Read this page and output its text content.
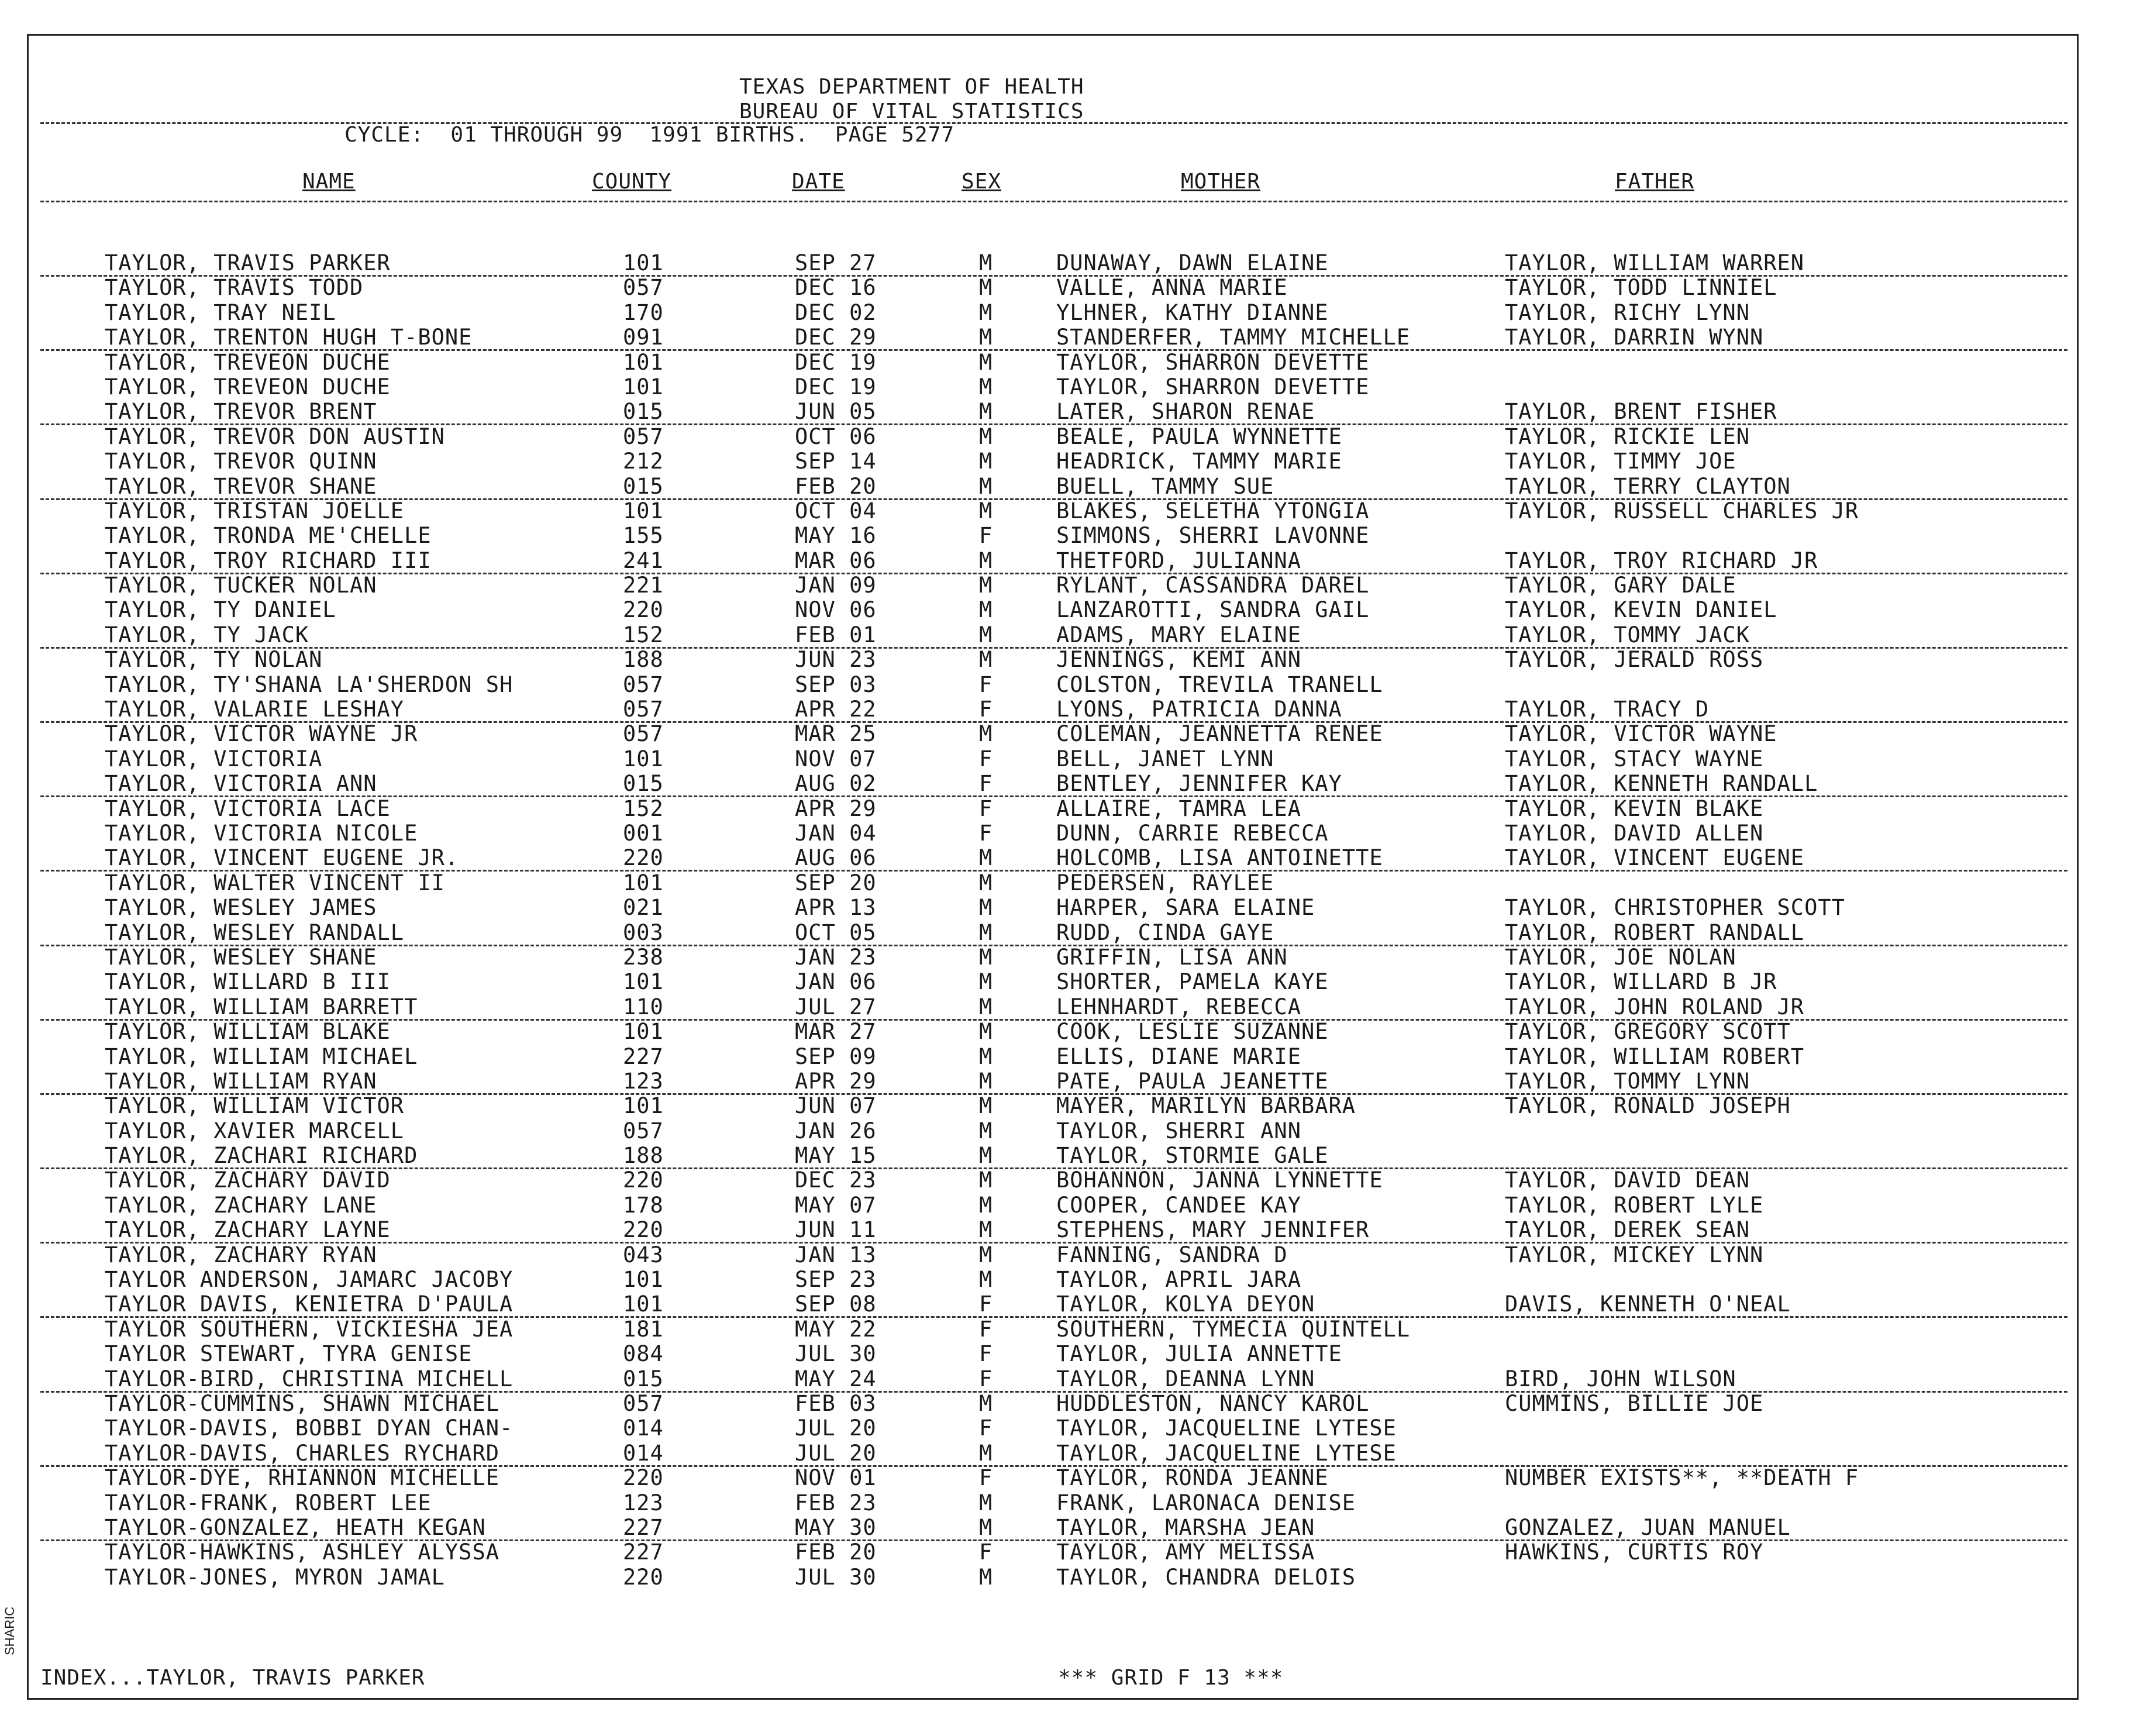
SHARIC
TEXAS DEPARTMENT OF HEALTH
BUREAU OF VITAL STATISTICS
CYCLE:  01 THROUGH 99  1991 BIRTHS.  PAGE 5277
NAME	COUNTY	DATE	SEX	MOTHER	FATHER
TAYLOR, TRAVIS PARKER	101	SEP 27	M	DUNAWAY, DAWN ELAINE	TAYLOR, WILLIAM WARREN
TAYLOR, TRAVIS TODD	057	DEC 16	M	VALLE, ANNA MARIE	TAYLOR, TODD LINNIEL
TAYLOR, TRAY NEIL	170	DEC 02	M	YLHNER, KATHY DIANNE	TAYLOR, RICHY LYNN
TAYLOR, TRENTON HUGH T-BONE	091	DEC 29	M	STANDERFER, TAMMY MICHELLE	TAYLOR, DARRIN WYNN
TAYLOR, TREVEON DUCHE	101	DEC 19	M	TAYLOR, SHARRON DEVETTE
TAYLOR, TREVEON DUCHE	101	DEC 19	M	TAYLOR, SHARRON DEVETTE
TAYLOR, TREVOR BRENT	015	JUN 05	M	LATER, SHARON RENAE	TAYLOR, BRENT FISHER
TAYLOR, TREVOR DON AUSTIN	057	OCT 06	M	BEALE, PAULA WYNNETTE	TAYLOR, RICKIE LEN
TAYLOR, TREVOR QUINN	212	SEP 14	M	HEADRICK, TAMMY MARIE	TAYLOR, TIMMY JOE
TAYLOR, TREVOR SHANE	015	FEB 20	M	BUELL, TAMMY SUE	TAYLOR, TERRY CLAYTON
TAYLOR, TRISTAN JOELLE	101	OCT 04	M	BLAKES, SELETHA YTONGIA	TAYLOR, RUSSELL CHARLES JR
TAYLOR, TRONDA ME'CHELLE	155	MAY 16	F	SIMMONS, SHERRI LAVONNE
TAYLOR, TROY RICHARD III	241	MAR 06	M	THETFORD, JULIANNA	TAYLOR, TROY RICHARD JR
TAYLOR, TUCKER NOLAN	221	JAN 09	M	RYLANT, CASSANDRA DAREL	TAYLOR, GARY DALE
TAYLOR, TY DANIEL	220	NOV 06	M	LANZAROTTI, SANDRA GAIL	TAYLOR, KEVIN DANIEL
TAYLOR, TY JACK	152	FEB 01	M	ADAMS, MARY ELAINE	TAYLOR, TOMMY JACK
TAYLOR, TY NOLAN	188	JUN 23	M	JENNINGS, KEMI ANN	TAYLOR, JERALD ROSS
TAYLOR, TY'SHANA LA'SHERDON SH	057	SEP 03	F	COLSTON, TREVILA TRANELL
TAYLOR, VALARIE LESHAY	057	APR 22	F	LYONS, PATRICIA DANNA	TAYLOR, TRACY D
TAYLOR, VICTOR WAYNE JR	057	MAR 25	M	COLEMAN, JEANNETTA RENEE	TAYLOR, VICTOR WAYNE
TAYLOR, VICTORIA	101	NOV 07	F	BELL, JANET LYNN	TAYLOR, STACY WAYNE
TAYLOR, VICTORIA ANN	015	AUG 02	F	BENTLEY, JENNIFER KAY	TAYLOR, KENNETH RANDALL
TAYLOR, VICTORIA LACE	152	APR 29	F	ALLAIRE, TAMRA LEA	TAYLOR, KEVIN BLAKE
TAYLOR, VICTORIA NICOLE	001	JAN 04	F	DUNN, CARRIE REBECCA	TAYLOR, DAVID ALLEN
TAYLOR, VINCENT EUGENE JR.	220	AUG 06	M	HOLCOMB, LISA ANTOINETTE	TAYLOR, VINCENT EUGENE
TAYLOR, WALTER VINCENT II	101	SEP 20	M	PEDERSEN, RAYLEE
TAYLOR, WESLEY JAMES	021	APR 13	M	HARPER, SARA ELAINE	TAYLOR, CHRISTOPHER SCOTT
TAYLOR, WESLEY RANDALL	003	OCT 05	M	RUDD, CINDA GAYE	TAYLOR, ROBERT RANDALL
TAYLOR, WESLEY SHANE	238	JAN 23	M	GRIFFIN, LISA ANN	TAYLOR, JOE NOLAN
TAYLOR, WILLARD B III	101	JAN 06	M	SHORTER, PAMELA KAYE	TAYLOR, WILLARD B JR
TAYLOR, WILLIAM BARRETT	110	JUL 27	M	LEHNHARDT, REBECCA	TAYLOR, JOHN ROLAND JR
TAYLOR, WILLIAM BLAKE	101	MAR 27	M	COOK, LESLIE SUZANNE	TAYLOR, GREGORY SCOTT
TAYLOR, WILLIAM MICHAEL	227	SEP 09	M	ELLIS, DIANE MARIE	TAYLOR, WILLIAM ROBERT
TAYLOR, WILLIAM RYAN	123	APR 29	M	PATE, PAULA JEANETTE	TAYLOR, TOMMY LYNN
TAYLOR, WILLIAM VICTOR	101	JUN 07	M	MAYER, MARILYN BARBARA	TAYLOR, RONALD JOSEPH
TAYLOR, XAVIER MARCELL	057	JAN 26	M	TAYLOR, SHERRI ANN
TAYLOR, ZACHARI RICHARD	188	MAY 15	M	TAYLOR, STORMIE GALE
TAYLOR, ZACHARY DAVID	220	DEC 23	M	BOHANNON, JANNA LYNNETTE	TAYLOR, DAVID DEAN
TAYLOR, ZACHARY LANE	178	MAY 07	M	COOPER, CANDEE KAY	TAYLOR, ROBERT LYLE
TAYLOR, ZACHARY LAYNE	220	JUN 11	M	STEPHENS, MARY JENNIFER	TAYLOR, DEREK SEAN
TAYLOR, ZACHARY RYAN	043	JAN 13	M	FANNING, SANDRA D	TAYLOR, MICKEY LYNN
TAYLOR ANDERSON, JAMARC JACOBY	101	SEP 23	M	TAYLOR, APRIL JARA
TAYLOR DAVIS, KENIETRA D'PAULA	101	SEP 08	F	TAYLOR, KOLYA DEYON	DAVIS, KENNETH O'NEAL
TAYLOR SOUTHERN, VICKIESHA JEA	181	MAY 22	F	SOUTHERN, TYMECIA QUINTELL
TAYLOR STEWART, TYRA GENISE	084	JUL 30	F	TAYLOR, JULIA ANNETTE
TAYLOR-BIRD, CHRISTINA MICHELL	015	MAY 24	F	TAYLOR, DEANNA LYNN	BIRD, JOHN WILSON
TAYLOR-CUMMINS, SHAWN MICHAEL	057	FEB 03	M	HUDDLESTON, NANCY KAROL	CUMMINS, BILLIE JOE
TAYLOR-DAVIS, BOBBI DYAN CHAN-	014	JUL 20	F	TAYLOR, JACQUELINE LYTESE
TAYLOR-DAVIS, CHARLES RYCHARD	014	JUL 20	M	TAYLOR, JACQUELINE LYTESE
TAYLOR-DYE, RHIANNON MICHELLE	220	NOV 01	F	TAYLOR, RONDA JEANNE	NUMBER EXISTS**, **DEATH F
TAYLOR-FRANK, ROBERT LEE	123	FEB 23	M	FRANK, LARONACA DENISE
TAYLOR-GONZALEZ, HEATH KEGAN	227	MAY 30	M	TAYLOR, MARSHA JEAN	GONZALEZ, JUAN MANUEL
TAYLOR-HAWKINS, ASHLEY ALYSSA	227	FEB 20	F	TAYLOR, AMY MELISSA	HAWKINS, CURTIS ROY
TAYLOR-JONES, MYRON JAMAL	220	JUL 30	M	TAYLOR, CHANDRA DELOIS
INDEX...TAYLOR, TRAVIS PARKER	*** GRID F 13 ***
